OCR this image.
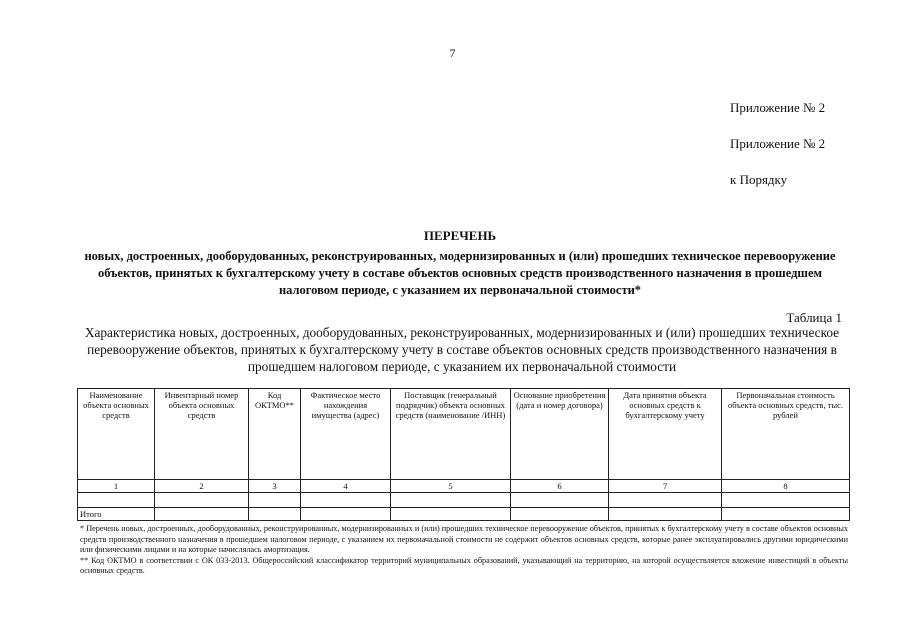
7
Приложение № 2
Приложение № 2
к Порядку
ПЕРЕЧЕНЬ
новых, достроенных, дооборудованных, реконструированных, модернизированных и (или) прошедших техническое перевооружение объектов, принятых к бухгалтерскому учету в составе объектов основных средств производственного назначения в прошедшем налоговом периоде, с указанием их первоначальной стоимости*
Таблица 1
Характеристика новых, достроенных, дооборудованных, реконструированных, модернизированных и (или) прошедших техническое перевооружение объектов, принятых к бухгалтерскому учету в составе объектов основных средств производственного назначения в прошедшем налоговом периоде, с указанием их первоначальной стоимости
Наименование объекта основных средств	Инвентарный номер объекта основных средств	Код ОКТМО**	Фактическое место нахождения имущества (адрес)	Поставщик (генеральный подрядчик) объекта основных средств (наименование /ИНН)	Основание приобретения (дата и номер договора)	Дата принятия объекта основных средств к бухгалтерскому учету	Первоначальная стоимость объекта основных средств, тыс. рублей
1	2	3	4	5	6	7	8

Итого							

* Перечень новых, достроенных, дооборудованных, реконструированных, модернизированных и (или) прошедших техническое перевооружение объектов, принятых к бухгалтерскому учету в составе объектов основных средств производственного назначения в прошедшем налоговом периоде, с указанием их первоначальной стоимости не содержит объектов основных средств, которые ранее эксплуатировались другими юридическими или физическими лицами и на которые начислялась амортизация.

** Код ОКТМО в соответствии с ОК 033-2013. Общероссийский классификатор территорий муниципальных образований, указывающий на территорию, на которой осуществляется вложение инвестиций в объекты основных средств.
